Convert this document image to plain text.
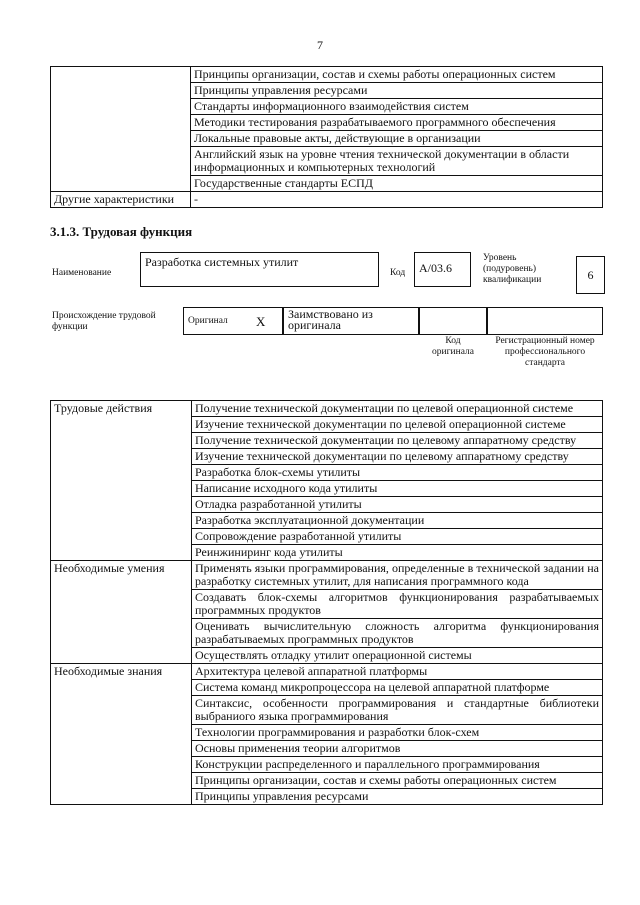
7
	Принципы организации, состав и схемы работы операционных систем
	Принципы управления ресурсами
	Стандарты информационного взаимодействия систем
	Методики тестирования разрабатываемого программного обеспечения
	Локальные правовые акты, действующие в организации
	Английский язык на уровне чтения технической документации в области информационных и компьютерных технологий
	Государственные стандарты ЕСПД
Другие характеристики	-
3.1.3. Трудовая функция
Наименование
Разработка системных утилит
Код	A/03.6
Уровень (подуровень) квалификации	6
Происхождение трудовой функции
Оригинал X	Заимствовано из оригинала
Код оригинала
Регистрационный номер профессионального стандарта
Трудовые действия	Получение технической документации по целевой операционной системе
	Изучение технической документации по целевой операционной системе
	Получение технической документации по целевому аппаратному средству
	Изучение технической документации по целевому аппаратному средству
	Разработка блок-схемы утилиты
	Написание исходного кода утилиты
	Отладка разработанной утилиты
	Разработка эксплуатационной документации
	Сопровождение разработанной утилиты
	Реинжиниринг кода утилиты
Необходимые умения	Применять языки программирования, определенные в технической задании на разработку системных утилит, для написания программного кода
	Создавать блок-схемы алгоритмов функционирования разрабатываемых программных продуктов
	Оценивать вычислительную сложность алгоритма функционирования разрабатываемых программных продуктов
	Осуществлять отладку утилит операционной системы
Необходимые знания	Архитектура целевой аппаратной платформы
	Система команд микропроцессора на целевой аппаратной платформе
	Синтаксис, особенности программирования и стандартные библиотеки выбраниого языка программирования
	Технологии программирования и разработки блок-схем
	Основы применения теории алгоритмов
	Конструкции распределенного и параллельного программирования
	Принципы организации, состав и схемы работы операционных систем
	Принципы управления ресурсами
